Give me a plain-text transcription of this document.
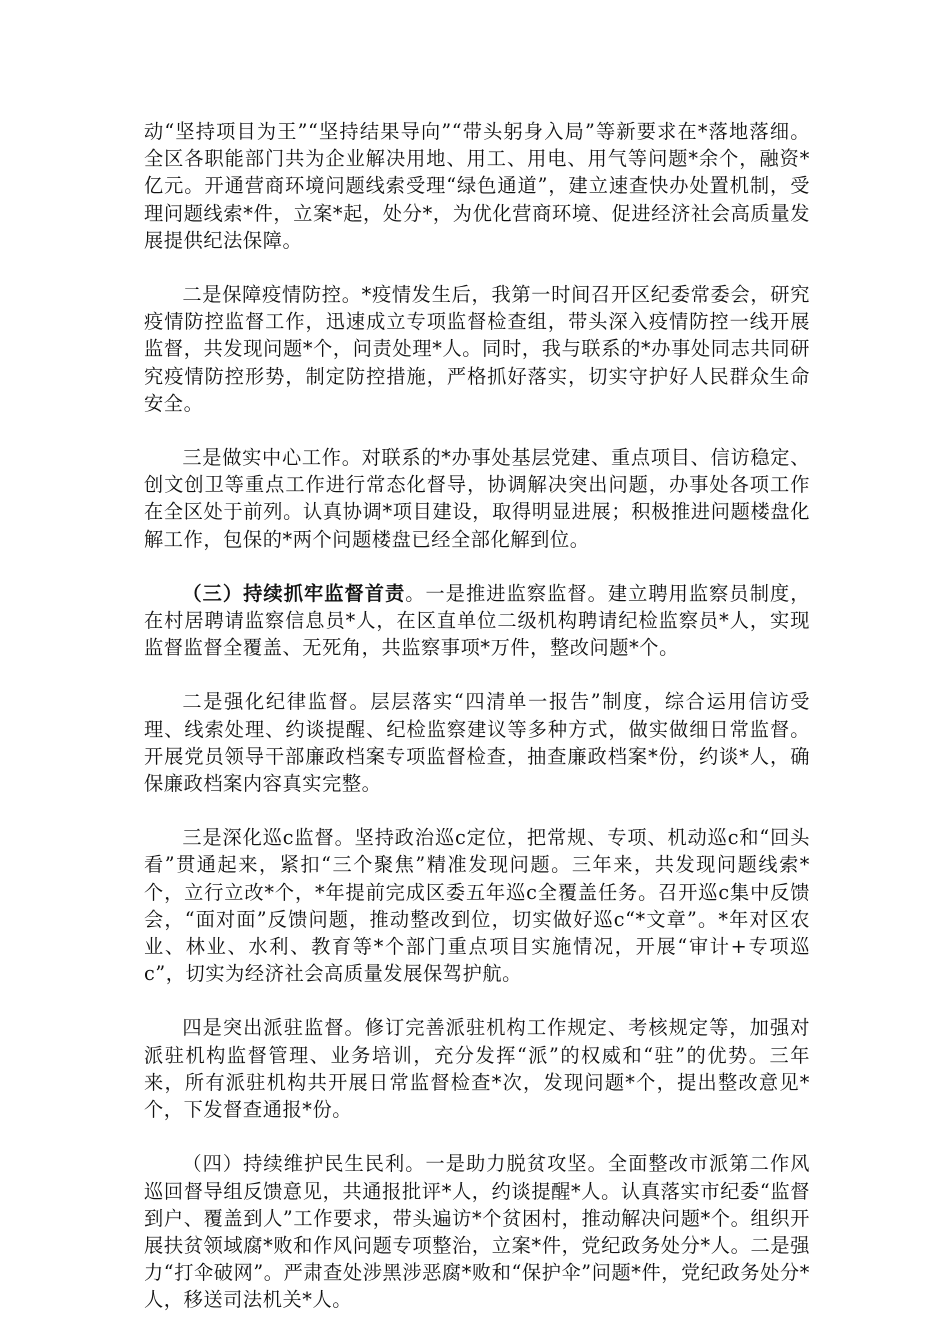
动“坚持项目为王”“坚持结果导向”“带头躬身入局”等新要求在*落地落细。全区各职能部门共为企业解决用地、用工、用电、用气等问题*余个，融资*亿元。开通营商环境问题线索受理“绿色通道”，建立速查快办处置机制，受理问题线索*件，立案*起，处分*，为优化营商环境、促进经济社会高质量发展提供纪法保障。

二是保障疫情防控。*疫情发生后，我第一时间召开区纪委常委会，研究疫情防控监督工作，迅速成立专项监督检查组，带头深入疫情防控一线开展监督，共发现问题*个，问责处理*人。同时，我与联系的*办事处同志共同研究疫情防控形势，制定防控措施，严格抓好落实，切实守护好人民群众生命安全。

三是做实中心工作。对联系的*办事处基层党建、重点项目、信访稳定、创文创卫等重点工作进行常态化督导，协调解决突出问题，办事处各项工作在全区处于前列。认真协调*项目建设，取得明显进展；积极推进问题楼盘化解工作，包保的*两个问题楼盘已经全部化解到位。

（三）持续抓牢监督首责。一是推进监察监督。建立聘用监察员制度，在村居聘请监察信息员*人，在区直单位二级机构聘请纪检监察员*人，实现监督监督全覆盖、无死角，共监察事项*万件，整改问题*个。

二是强化纪律监督。层层落实“四清单一报告”制度，综合运用信访受理、线索处理、约谈提醒、纪检监察建议等多种方式，做实做细日常监督。开展党员领导干部廉政档案专项监督检查，抽查廉政档案*份，约谈*人，确保廉政档案内容真实完整。

三是深化巡c监督。坚持政治巡c定位，把常规、专项、机动巡c和“回头看”贯通起来，紧扣“三个聚焦”精准发现问题。三年来，共发现问题线索*个，立行立改*个，*年提前完成区委五年巡c全覆盖任务。召开巡c集中反馈会，“面对面”反馈问题，推动整改到位，切实做好巡c“*文章”。*年对区农业、林业、水利、教育等*个部门重点项目实施情况，开展“审计+专项巡c”，切实为经济社会高质量发展保驾护航。

四是突出派驻监督。修订完善派驻机构工作规定、考核规定等，加强对派驻机构监督管理、业务培训，充分发挥“派”的权威和“驻”的优势。三年来，所有派驻机构共开展日常监督检查*次，发现问题*个，提出整改意见*个，下发督查通报*份。

（四）持续维护民生民利。一是助力脱贫攻坚。全面整改市派第二作风巡回督导组反馈意见，共通报批评*人，约谈提醒*人。认真落实市纪委“监督到户、覆盖到人”工作要求，带头遍访*个贫困村，推动解决问题*个。组织开展扶贫领域腐*败和作风问题专项整治，立案*件，党纪政务处分*人。二是强力“打伞破网”。严肃查处涉黑涉恶腐*败和“保护伞”问题*件，党纪政务处分*人，移送司法机关*人。
